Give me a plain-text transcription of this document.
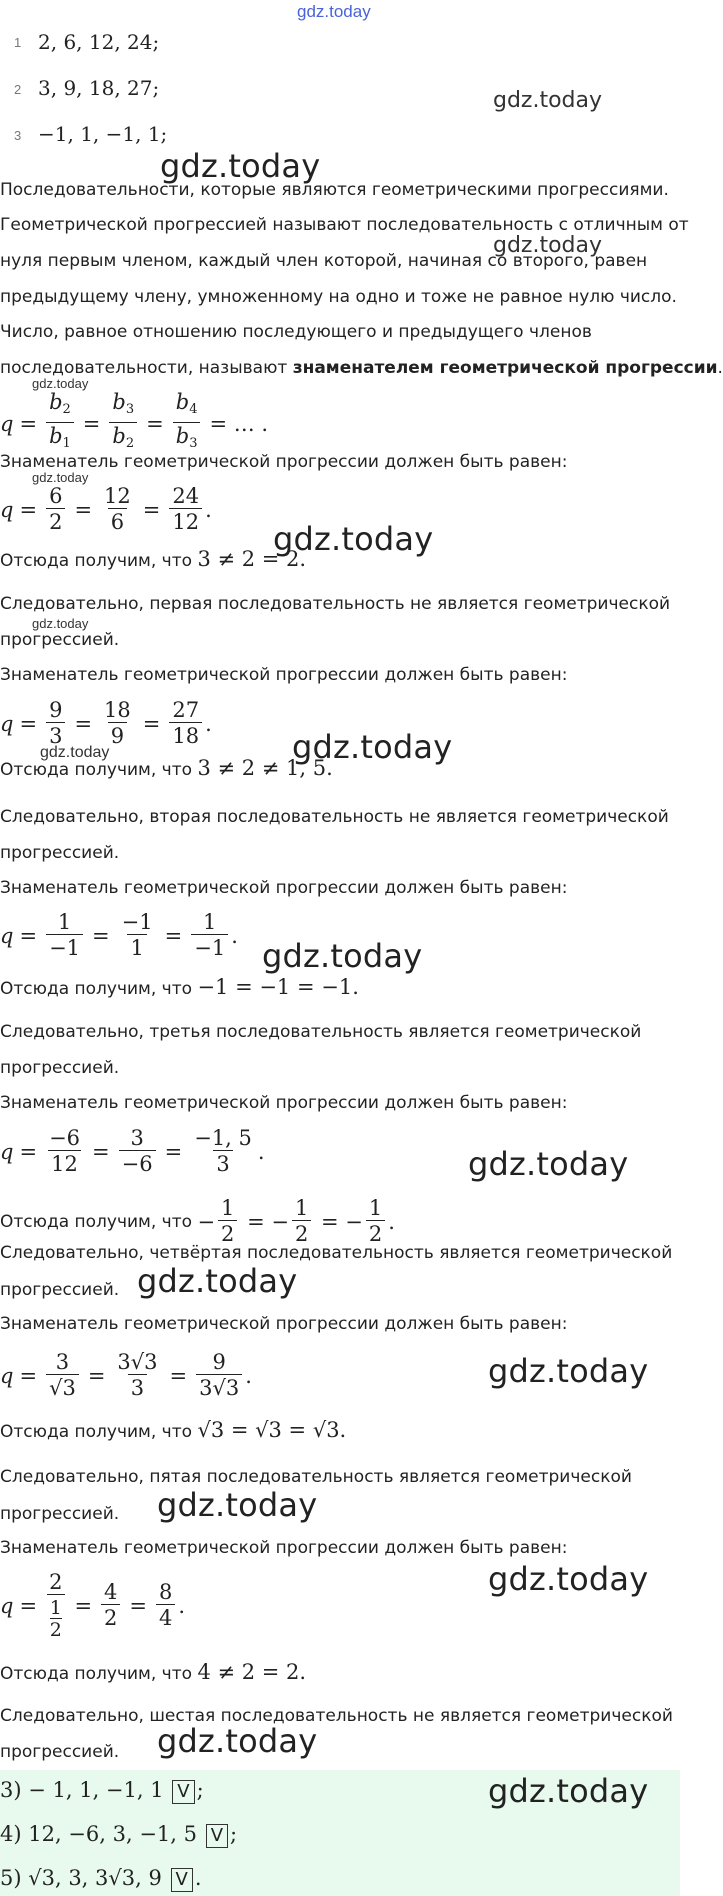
gdz.today
1 2, 6, 12, 24;
2 3, 9, 18, 27;
3 −1, 1, −1, 1;
gdz.today
gdz.today
Последовательности, которые являются геометрическими прогрессиями.
Геометрической прогрессией называют последовательность с отличным от
gdz.today
нуля первым членом, каждый член которой, начиная со второго, равен
предыдущему члену, умноженному на одно и тоже не равное нулю число.
Число, равное отношению последующего и предыдущего членов
последовательности, называют знаменателем геометрической прогрессии.
gdz.today
$q = \frac{b_2}{b_1} = \frac{b_3}{b_2} = \frac{b_4}{b_3}$ = … .
Знаменатель геометрической прогрессии должен быть равен:
gdz.today
$q = \frac{6}{2} = \frac{12}{6} = \frac{24}{12}$ .
gdz.today
Отсюда получим, что 3 ≠ 2 = 2.
Следовательно, первая последовательность не является геометрической
gdz.today
прогрессией.
Знаменатель геометрической прогрессии должен быть равен:
$q = \frac{9}{3} = \frac{18}{9} = \frac{27}{18}$ .
gdz.today	gdz.today
Отсюда получим, что 3 ≠ 2 ≠ 1, 5.
Следовательно, вторая последовательность не является геометрической
прогрессией.
Знаменатель геометрической прогрессии должен быть равен:
$q = \frac{1}{-1} = \frac{-1}{1} = \frac{1}{-1}$ .
gdz.today
Отсюда получим, что −1 = −1 = −1.
Следовательно, третья последовательность является геометрической
прогрессией.
Знаменатель геометрической прогрессии должен быть равен:
$q = \frac{-6}{12} = \frac{3}{-6} = \frac{-1, 5}{3}$ .	gdz.today
Отсюда получим, что − $\frac{1}{2}$ = − $\frac{1}{2}$ = − $\frac{1}{2}$ .
Следовательно, четвёртая последовательность является геометрической
прогрессией. gdz.today
Знаменатель геометрической прогрессии должен быть равен:
$q = \frac{3}{√3} = \frac{3√3}{3} = \frac{9}{3√3}$ .	gdz.today
Отсюда получим, что √3 = √3 = √3.
Следовательно, пятая последовательность является геометрической
прогрессией. gdz.today
Знаменатель геометрической прогрессии должен быть равен:
$q = \frac{2}{\frac{1}{2}} = \frac{4}{2} = \frac{8}{4}$ .
gdz.today
Отсюда получим, что 4 ≠ 2 = 2.
Следовательно, шестая последовательность не является геометрической
прогрессией. gdz.today
gdz.today
3) − 1, 1, −1, 1 V ;
4) 12, −6, 3, −1, 5 V ;
5) √3, 3, 3√3, 9 V .
